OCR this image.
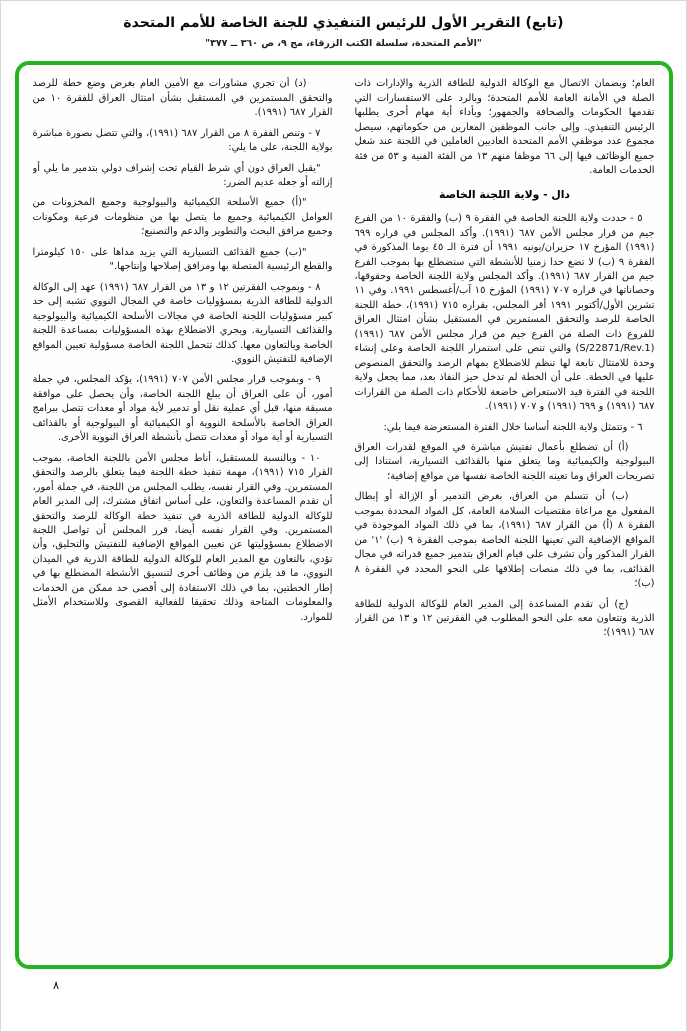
(تابع) التقرير الأول للرئيس التنفيذي للجنة الخاصة للأمم المتحدة
"الأمم المتحدة، سلسلة الكتب الزرقاء، مج ٩، ص ٣٦٠ ــ ٣٧٧"

العام؛ وبضمان الاتصال مع الوكالة الدولية للطاقة الذرية والإدارات ذات الصلة في الأمانة العامة للأمم المتحدة؛ وبالرد على الاستفسارات التي تقدمها الحكومات والصحافة والجمهور؛ وبأداء أية مهام أخرى يطلبها الرئيس التنفيذي. وإلى جانب الموظفين المعارين من حكوماتهم، سيصل مجموع عدد موظفي الأمم المتحدة العاديين العاملين في اللجنة عند شغل جميع الوظائف فيها إلى ٦٦ موظفا منهم ١٣ من الفئة الفنية و ٥٣ من فئة الخدمات العامة.

دال - ولاية اللجنة الخاصة

٥ - حددت ولاية اللجنة الخاصة في الفقرة ٩ (ب) والفقرة ١٠ من الفرع جيم من قرار مجلس الأمن ٦٨٧ (١٩٩١). وأكد المجلس في قراره ٦٩٩ (١٩٩١) المؤرخ ١٧ حزيران/يونيه ١٩٩١ أن فترة الـ ٤٥ يوما المذكورة في الفقرة ٩ (ب) لا تضع حدا زمنيا للأنشطة التي ستضطلع بها بموجب الفرع جيم من القرار ٦٨٧ (١٩٩١). وأكد المجلس ولاية اللجنة الخاصة وحقوقها، وحصاناتها في قراره ٧٠٧ (١٩٩١) المؤرخ ١٥ آب/أغسطس ١٩٩١. وفي ١١ تشرين الأول/أكتوبر ١٩٩١ أقر المجلس، بقراره ٧١٥ (١٩٩١)، خطة اللجنة الخاصة للرصد والتحقق المستمرين في المستقبل بشأن امتثال العراق للفروع ذات الصلة من الفرع جيم من قرار مجلس الأمن ٦٨٧ (١٩٩١) (S/22871/Rev.1) والتي تنص على استمرار اللجنة الخاصة وعلى إنشاء وحدة للامتثال تابعة لها تنظم للاضطلاع بمهام الرصد والتحقق المنصوص عليها في الخطة. على أن الخطة لم تدخل حيز النفاذ بعد، مما يجعل ولاية اللجنة في الفترة قيد الاستعراض خاضعة للأحكام ذات الصلة من القرارات ٦٨٧ (١٩٩١) و ٦٩٩ (١٩٩١) و ٧٠٧ (١٩٩١).

٦ - وتتمثل ولاية اللجنة أساسا خلال الفترة المستعرضة فيما يلي:

(أ) أن تضطلع بأعمال تفتيش مباشرة في الموقع لقدرات العراق البيولوجية والكيميائية وما يتعلق منها بالقذائف التسيارية، استنادا إلى تصريحات العراق وما تعينه اللجنة الخاصة نفسها من مواقع إضافية؛

(ب) أن تتسلم من العراق، بغرض التدمير أو الإزالة أو إبطال المفعول مع مراعاة مقتضيات السلامة العامة، كل المواد المحددة بموجب الفقرة ٨ (أ) من القرار ٦٨٧ (١٩٩١)، بما في ذلك المواد الموجودة في المواقع الإضافية التي تعينها اللجنة الخاصة بموجب الفقرة ٩ (ب) '١' من القرار المذكور وأن تشرف على قيام العراق بتدمير جميع قدراته في مجال القذائف، بما في ذلك منصات إطلاقها على النحو المحدد في الفقرة ٨ (ب)؛

(ج) أن تقدم المساعدة إلى المدير العام للوكالة الدولية للطاقة الذرية وتتعاون معه على النحو المطلوب في الفقرتين ١٢ و ١٣ من القرار ٦٨٧ (١٩٩١)؛

(د) أن تجري مشاورات مع الأمين العام بغرض وضع خطة للرصد والتحقق المستمرين في المستقبل بشأن امتثال العراق للفقرة ١٠ من القرار ٦٨٧ (١٩٩١).

٧ - وتنص الفقرة ٨ من القرار ٦٨٧ (١٩٩١)، والتي تتصل بصورة مباشرة بولاية اللجنة، على ما يلي:

"يقبل العراق دون أي شرط القيام تحت إشراف دولي بتدمير ما يلي أو إزالته أو جعله عديم الضرر:

"(أ) جميع الأسلحة الكيميائية والبيولوجية وجميع المخزونات من العوامل الكيميائية وجميع ما يتصل بها من منظومات فرعية ومكونات وجميع مرافق البحث والتطوير والدعم والتصنيع؛

"(ب) جميع القذائف التسيارية التي يزيد مداها على ١٥٠ كيلومترا والقطع الرئيسية المتصلة بها ومرافق إصلاحها وإنتاجها."

٨ - وبموجب الفقرتين ١٢ و ١٣ من القرار ٦٨٧ (١٩٩١) عهد إلى الوكالة الدولية للطاقة الذرية بمسؤوليات خاصة في المجال النووي تشبه إلى حد كبير مسؤوليات اللجنة الخاصة في مجالات الأسلحة الكيميائية والبيولوجية والقذائف التسيارية. ويجري الاضطلاع بهذه المسؤوليات بمساعدة اللجنة الخاصة وبالتعاون معها. كذلك تتحمل اللجنة الخاصة مسؤولية تعيين المواقع الإضافية للتفتيش النووي.

٩ - وبموجب قرار مجلس الأمن ٧٠٧ (١٩٩١)، يؤكد المجلس، في جملة أمور، أن على العراق أن يبلغ اللجنة الخاصة، وأن يحصل على موافقة مسبقة منها، قبل أي عملية نقل أو تدمير لأية مواد أو معدات تتصل ببرامج العراق الخاصة بالأسلحة النووية أو الكيميائية أو البيولوجية أو بالقذائف التسيارية أو أية مواد أو معدات تتصل بأنشطة العراق النووية الأخرى.

١٠ - وبالنسبة للمستقبل، أناط مجلس الأمن باللجنة الخاصة، بموجب القرار ٧١٥ (١٩٩١)، مهمة تنفيذ خطة اللجنة فيما يتعلق بالرصد والتحقق المستمرين. وفي القرار نفسه، يطلب المجلس من اللجنة، في جملة أمور، أن تقدم المساعدة والتعاون، على أساس اتفاق مشترك، إلى المدير العام للوكالة الدولية للطاقة الذرية في تنفيذ خطة الوكالة للرصد والتحقق المستمرين. وفي القرار نفسه أيضا، قرر المجلس أن تواصل اللجنة الاضطلاع بمسؤوليتها عن تعيين المواقع الإضافية للتفتيش والتحليق، وأن تؤدي، بالتعاون مع المدير العام للوكالة الدولية للطاقة الذرية في الميدان النووي، ما قد يلزم من وظائف أخرى لتنسيق الأنشطة المضطلع بها في إطار الخطتين، بما في ذلك الاستفادة إلى أقصى حد ممكن من الخدمات والمعلومات المتاحة وذلك تحقيقا للفعالية القصوى وللاستخدام الأمثل للموارد.

٨
